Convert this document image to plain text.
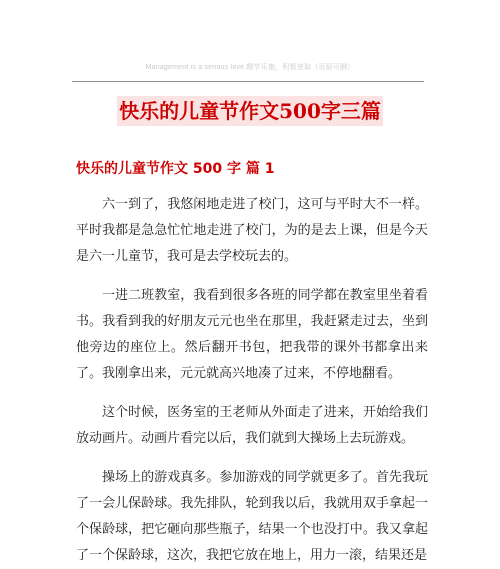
Management is a serious love.精学乐施，积极进取（页眉可删）
快乐的儿童节作文500字三篇
快乐的儿童节作文 500 字 篇 1

六一到了，我悠闲地走进了校门，这可与平时大不一样。平时我都是急急忙忙地走进了校门，为的是去上课，但是今天是六一儿童节，我可是去学校玩去的。

一进二班教室，我看到很多各班的同学都在教室里坐着看书。我看到我的好朋友元元也坐在那里，我赶紧走过去，坐到他旁边的座位上。然后翻开书包，把我带的课外书都拿出来了。我刚拿出来，元元就高兴地凑了过来，不停地翻看。

这个时候，医务室的王老师从外面走了进来，开始给我们放动画片。动画片看完以后，我们就到大操场上去玩游戏。

操场上的游戏真多。参加游戏的同学就更多了。首先我玩了一会儿保龄球。我先排队，轮到我以后，我就用双手拿起一个保龄球，把它砸向那些瓶子，结果一个也没打中。我又拿起了一个保龄球，这次，我把它放在地上，用力一滚，结果还是
